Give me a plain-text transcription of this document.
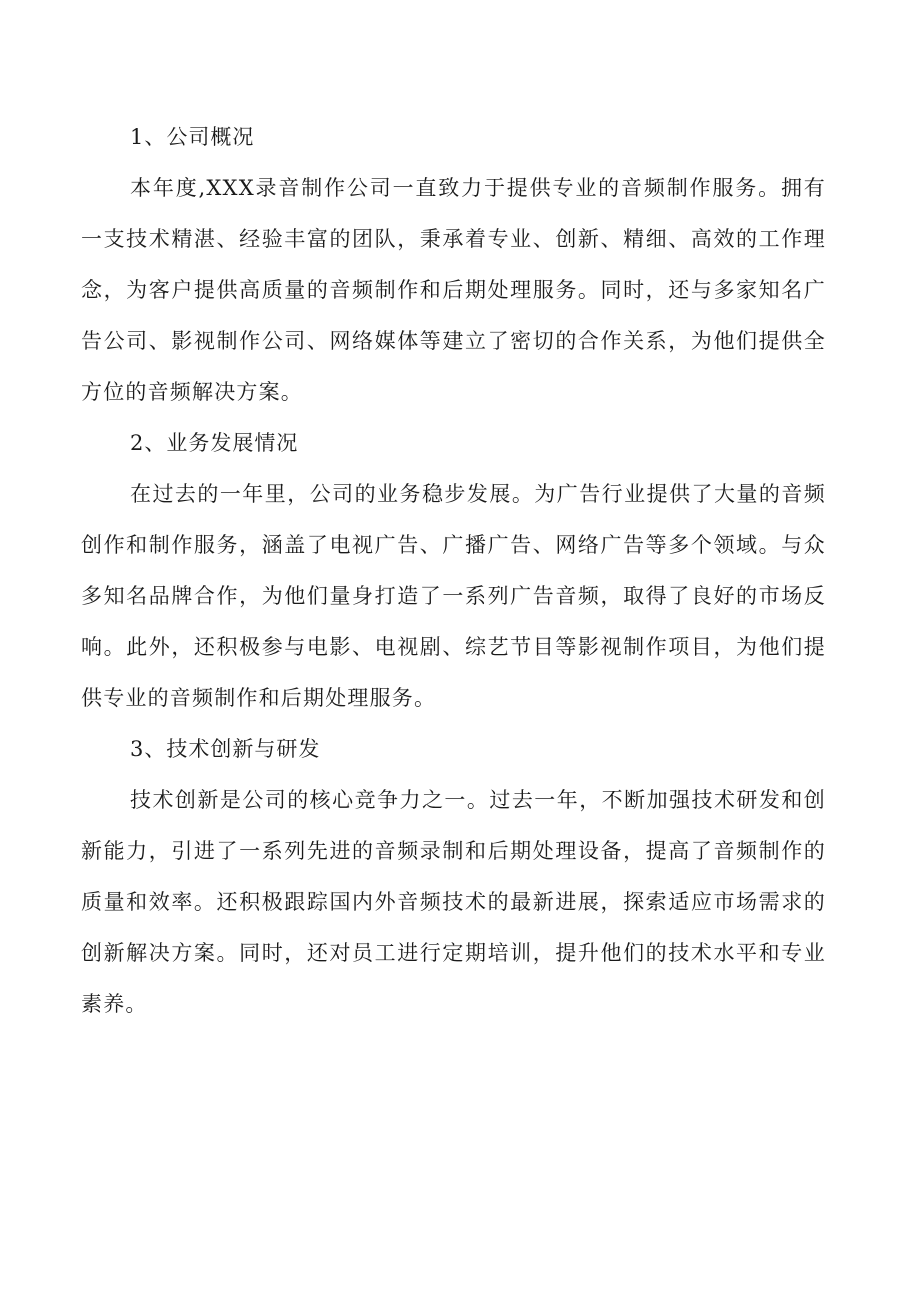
1、公司概况

本年度,XXX录音制作公司一直致力于提供专业的音频制作服务。拥有一支技术精湛、经验丰富的团队，秉承着专业、创新、精细、高效的工作理念，为客户提供高质量的音频制作和后期处理服务。同时，还与多家知名广告公司、影视制作公司、网络媒体等建立了密切的合作关系，为他们提供全方位的音频解决方案。

2、业务发展情况

在过去的一年里，公司的业务稳步发展。为广告行业提供了大量的音频创作和制作服务，涵盖了电视广告、广播广告、网络广告等多个领域。与众多知名品牌合作，为他们量身打造了一系列广告音频，取得了良好的市场反响。此外，还积极参与电影、电视剧、综艺节目等影视制作项目，为他们提供专业的音频制作和后期处理服务。

3、技术创新与研发

技术创新是公司的核心竞争力之一。过去一年，不断加强技术研发和创新能力，引进了一系列先进的音频录制和后期处理设备，提高了音频制作的质量和效率。还积极跟踪国内外音频技术的最新进展，探索适应市场需求的创新解决方案。同时，还对员工进行定期培训，提升他们的技术水平和专业素养。
